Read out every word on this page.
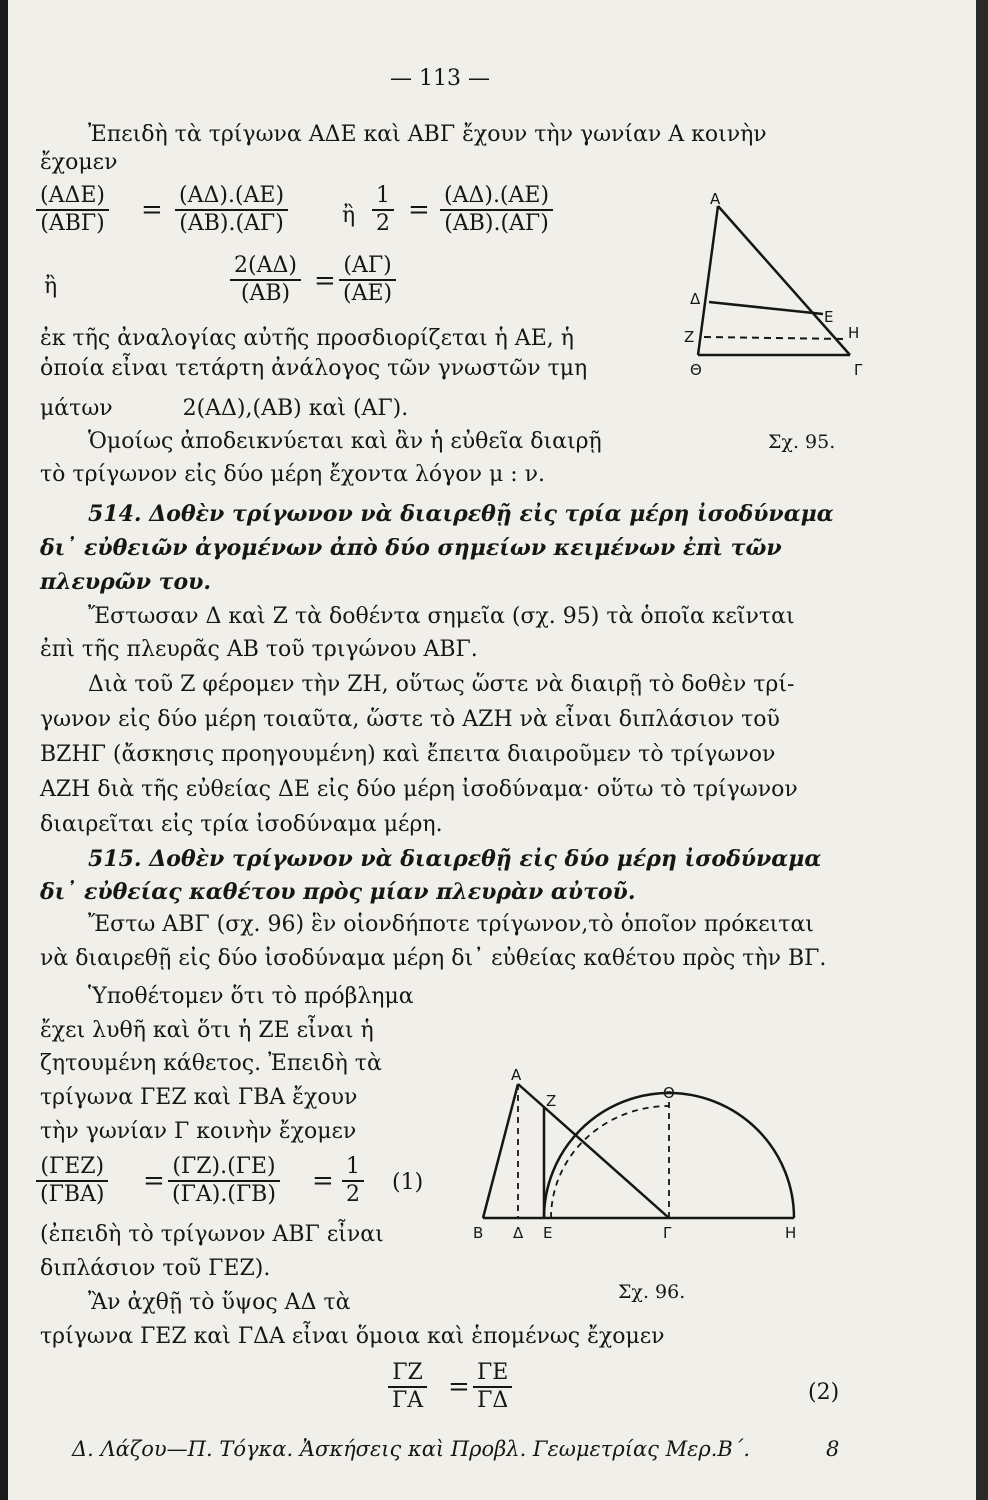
— 113 —
Ἐπειδὴ τὰ τρίγωνα ΑΔΕ καὶ ΑΒΓ ἔχουν τὴν γωνίαν Α κοινὴν
ἔχομεν
(ΑΔΕ)
$(AB\Gamma) = \frac{(A\Delta).(AE)}{(AB).(A\Gamma)}$ ἢ $\frac{1}{2} = \frac{(A\Delta).(AE)}{(AB).(A\Gamma)}$
ἢ	$\frac{2(A\Delta)}{(AB)} = \frac{(A\Gamma)}{(AE)}$
ἐκ τῆς ἀναλογίας αὐτῆς προσδιορίζεται ἡ ΑΕ, ἡ
ὁποία εἶναι τετάρτη ἀνάλογος τῶν γνωστῶν τμη
μάτων          2(ΑΔ),(ΑΒ) καὶ (ΑΓ).
Ὁμοίως ἀποδεικνύεται καὶ ἂν ἡ εὐθεῖα διαιρῇ
τὸ τρίγωνον εἰς δύο μέρη ἔχοντα λόγον μ : ν.
Α
Δ
Ε
Ζ	Η
Θ	Γ
Σχ. 95.
514. Δοθὲν τρίγωνον νὰ διαιρεθῇ εἰς τρία μέρη ἰσοδύναμα
δι᾽ εὐθειῶν ἀγομένων ἀπὸ δύο σημείων κειμένων ἐπὶ τῶν
πλευρῶν του.
Ἔστωσαν Δ καὶ Ζ τὰ δοθέντα σημεῖα (σχ. 95) τὰ ὁποῖα κεῖνται
ἐπὶ τῆς πλευρᾶς ΑΒ τοῦ τριγώνου ΑΒΓ.
Διὰ τοῦ Ζ φέρομεν τὴν ΖΗ, οὕτως ὥστε νὰ διαιρῇ τὸ δοθὲν τρί-
γωνον εἰς δύο μέρη τοιαῦτα, ὥστε τὸ ΑΖΗ νὰ εἶναι διπλάσιον τοῦ
ΒΖΗΓ (ἄσκησις προηγουμένη) καὶ ἔπειτα διαιροῦμεν τὸ τρίγωνον
ΑΖΗ διὰ τῆς εὐθείας ΔΕ εἰς δύο μέρη ἰσοδύναμα· οὕτω τὸ τρίγωνον
διαιρεῖται εἰς τρία ἰσοδύναμα μέρη.
515. Δοθὲν τρίγωνον νὰ διαιρεθῇ εἰς δύο μέρη ἰσοδύναμα
δι᾽ εὐθείας καθέτου πρὸς μίαν πλευρὰν αὐτοῦ.
Ἔστω ΑΒΓ (σχ. 96) ἓν οἱονδήποτε τρίγωνον,τὸ ὁποῖον πρόκειται
νὰ διαιρεθῇ εἰς δύο ἰσοδύναμα μέρη δι᾽ εὐθείας καθέτου πρὸς τὴν ΒΓ.
Ὑποθέτομεν ὅτι τὸ πρόβλημα
ἔχει λυθῆ καὶ ὅτι ἡ ΖΕ εἶναι ἡ
ζητουμένη κάθετος. Ἐπειδὴ τὰ
τρίγωνα ΓΕΖ καὶ ΓΒΑ ἔχουν
τὴν γωνίαν Γ κοινὴν ἔχομεν
(ΓΕΖ)
$(\Gamma BA) = \frac{(\Gamma Z).(\Gamma E)}{(\Gamma A).(\Gamma B)} = \frac{1}{2} (1)$
(ἐπειδὴ τὸ τρίγωνον ΑΒΓ εἶναι
διπλάσιον τοῦ ΓΕΖ).
Ἂν ἀχθῇ τὸ ὕψος ΑΔ τὰ
τρίγωνα ΓΕΖ καὶ ΓΔΑ εἶναι ὅμοια καὶ ἑπομένως ἔχομεν
$\frac{\Gamma Z}{\Gamma A} = \frac{\Gamma E}{\Gamma\Delta}$	(2)
Α
Ζ	Θ
Β Δ Ε	Γ	Η
Σχ. 96.
Δ. Λάζου—Π. Τόγκα. Ἀσκήσεις καὶ Προβλ. Γεωμετρίας Μερ.Β΄.	8
